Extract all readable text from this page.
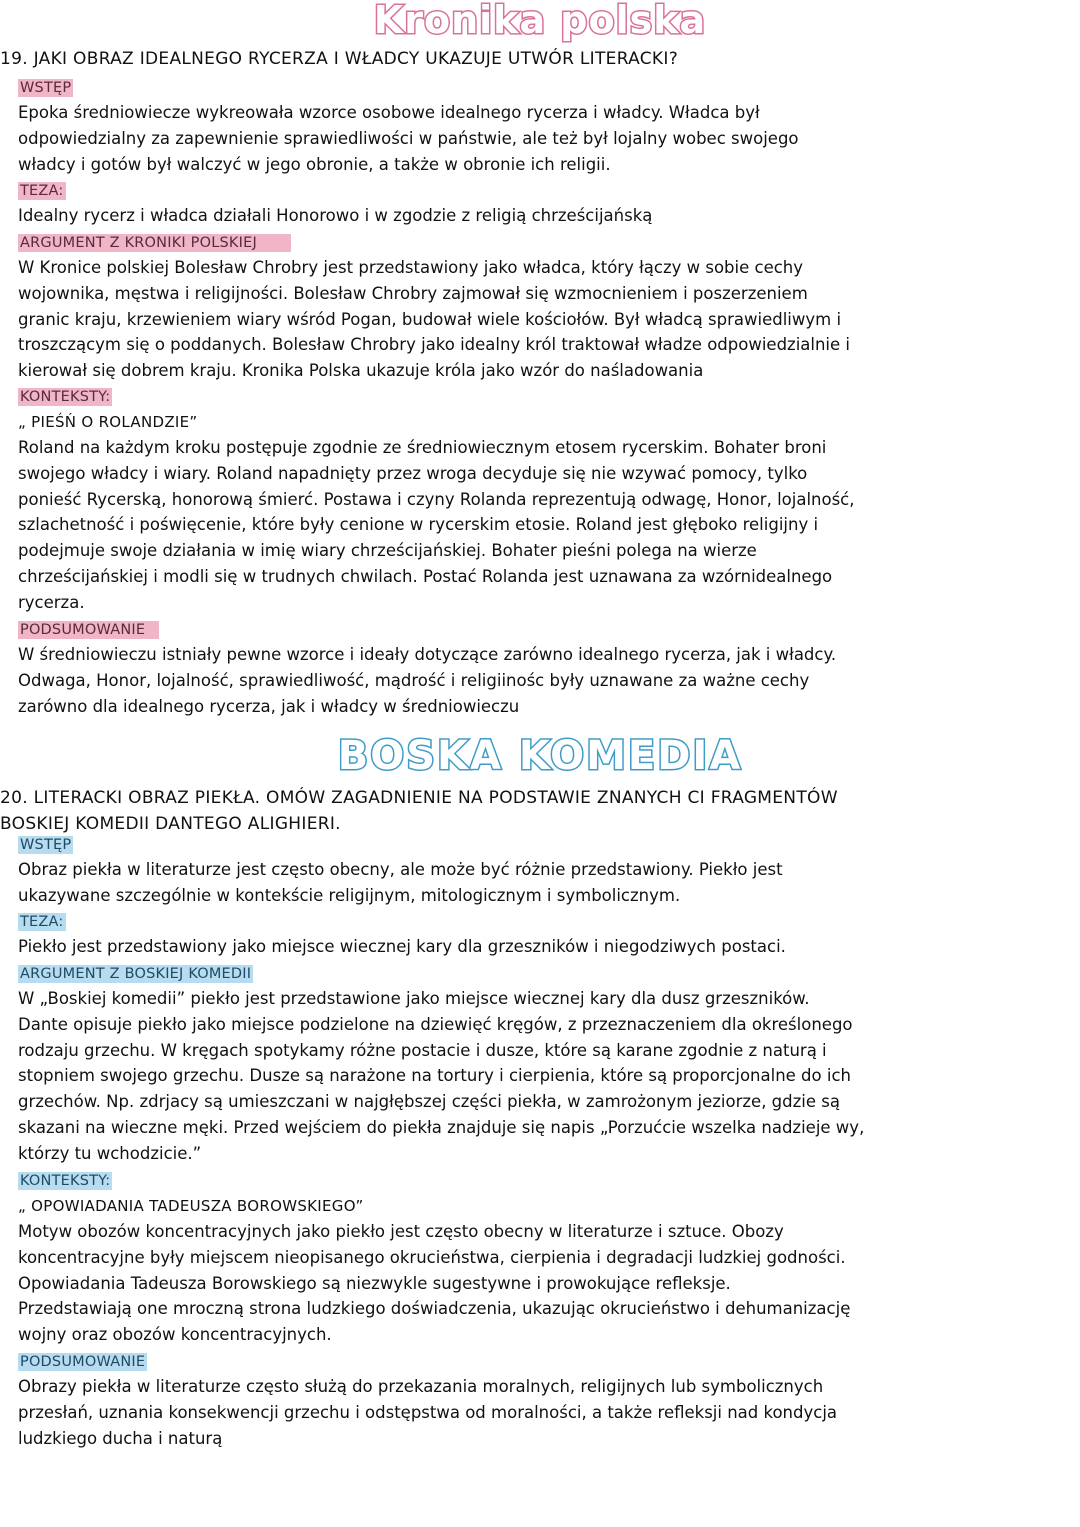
Kronika polska
19. JAKI OBRAZ IDEALNEGO RYCERZA I WŁADCY UKAZUJE UTWÓR LITERACKI?
WSTĘP
Epoka średniowiecze wykreowała wzorce osobowe idealnego rycerza i władcy. Władca był
odpowiedzialny za zapewnienie sprawiedliwości w państwie, ale też był lojalny wobec swojego
władcy i gotów był walczyć w jego obronie, a także w obronie ich religii.
TEZA:
Idealny rycerz i władca działali Honorowo i w zgodzie z religią chrześcijańską
ARGUMENT Z KRONIKI POLSKIEJ
W Kronice polskiej Bolesław Chrobry jest przedstawiony jako władca, który łączy w sobie cechy
wojownika, męstwa i religijności. Bolesław Chrobry zajmował się wzmocnieniem i poszerzeniem
granic kraju, krzewieniem wiary wśród Pogan, budował wiele kościołów. Był władcą sprawiedliwym i
troszczącym się o poddanych. Bolesław Chrobry jako idealny król traktował władze odpowiedzialnie i
kierował się dobrem kraju. Kronika Polska ukazuje króla jako wzór do naśladowania
KONTEKSTY:
„ PIEŚŃ O ROLANDZIE”
Roland na każdym kroku postępuje zgodnie ze średniowiecznym etosem rycerskim. Bohater broni
swojego władcy i wiary. Roland napadnięty przez wroga decyduje się nie wzywać pomocy, tylko
ponieść Rycerską, honorową śmierć. Postawa i czyny Rolanda reprezentują odwagę, Honor, lojalność,
szlachetność i poświęcenie, które były cenione w rycerskim etosie. Roland jest głęboko religijny i
podejmuje swoje działania w imię wiary chrześcijańskiej. Bohater pieśni polega na wierze
chrześcijańskiej i modli się w trudnych chwilach. Postać Rolanda jest uznawana za wzórnidealnego
rycerza.
PODSUMOWANIE
W średniowieczu istniały pewne wzorce i ideały dotyczące zarówno idealnego rycerza, jak i władcy.
Odwaga, Honor, lojalność, sprawiedliwość, mądrość i religiinośc były uznawane za ważne cechy
zarówno dla idealnego rycerza, jak i władcy w średniowieczu
BOSKA KOMEDIA
20. LITERACKI OBRAZ PIEKŁA. OMÓW ZAGADNIENIE NA PODSTAWIE ZNANYCH CI FRAGMENTÓW
BOSKIEJ KOMEDII DANTEGO ALIGHIERI.
WSTĘP
Obraz piekła w literaturze jest często obecny, ale może być różnie przedstawiony. Piekło jest
ukazywane szczególnie w kontekście religijnym, mitologicznym i symbolicznym.
TEZA:
Piekło jest przedstawiony jako miejsce wiecznej kary dla grzeszników i niegodziwych postaci.
ARGUMENT Z BOSKIEJ KOMEDII
W „Boskiej komedii” piekło jest przedstawione jako miejsce wiecznej kary dla dusz grzeszników.
Dante opisuje piekło jako miejsce podzielone na dziewięć kręgów, z przeznaczeniem dla określonego
rodzaju grzechu. W kręgach spotykamy różne postacie i dusze, które są karane zgodnie z naturą i
stopniem swojego grzechu. Dusze są narażone na tortury i cierpienia, które są proporcjonalne do ich
grzechów. Np. zdrjacy są umieszczani w najgłębszej części piekła, w zamrożonym jeziorze, gdzie są
skazani na wieczne męki. Przed wejściem do piekła znajduje się napis „Porzućcie wszelka nadzieje wy,
którzy tu wchodzicie.”
KONTEKSTY:
„ OPOWIADANIA TADEUSZA BOROWSKIEGO”
Motyw obozów koncentracyjnych jako piekło jest często obecny w literaturze i sztuce. Obozy
koncentracyjne były miejscem nieopisanego okrucieństwa, cierpienia i degradacji ludzkiej godności.
Opowiadania Tadeusza Borowskiego są niezwykle sugestywne i prowokujące refleksje.
Przedstawiają one mroczną strona ludzkiego doświadczenia, ukazując okrucieństwo i dehumanizację
wojny oraz obozów koncentracyjnych.
PODSUMOWANIE
Obrazy piekła w literaturze często służą do przekazania moralnych, religijnych lub symbolicznych
przesłań, uznania konsekwencji grzechu i odstępstwa od moralności, a także refleksji nad kondycja
ludzkiego ducha i naturą
